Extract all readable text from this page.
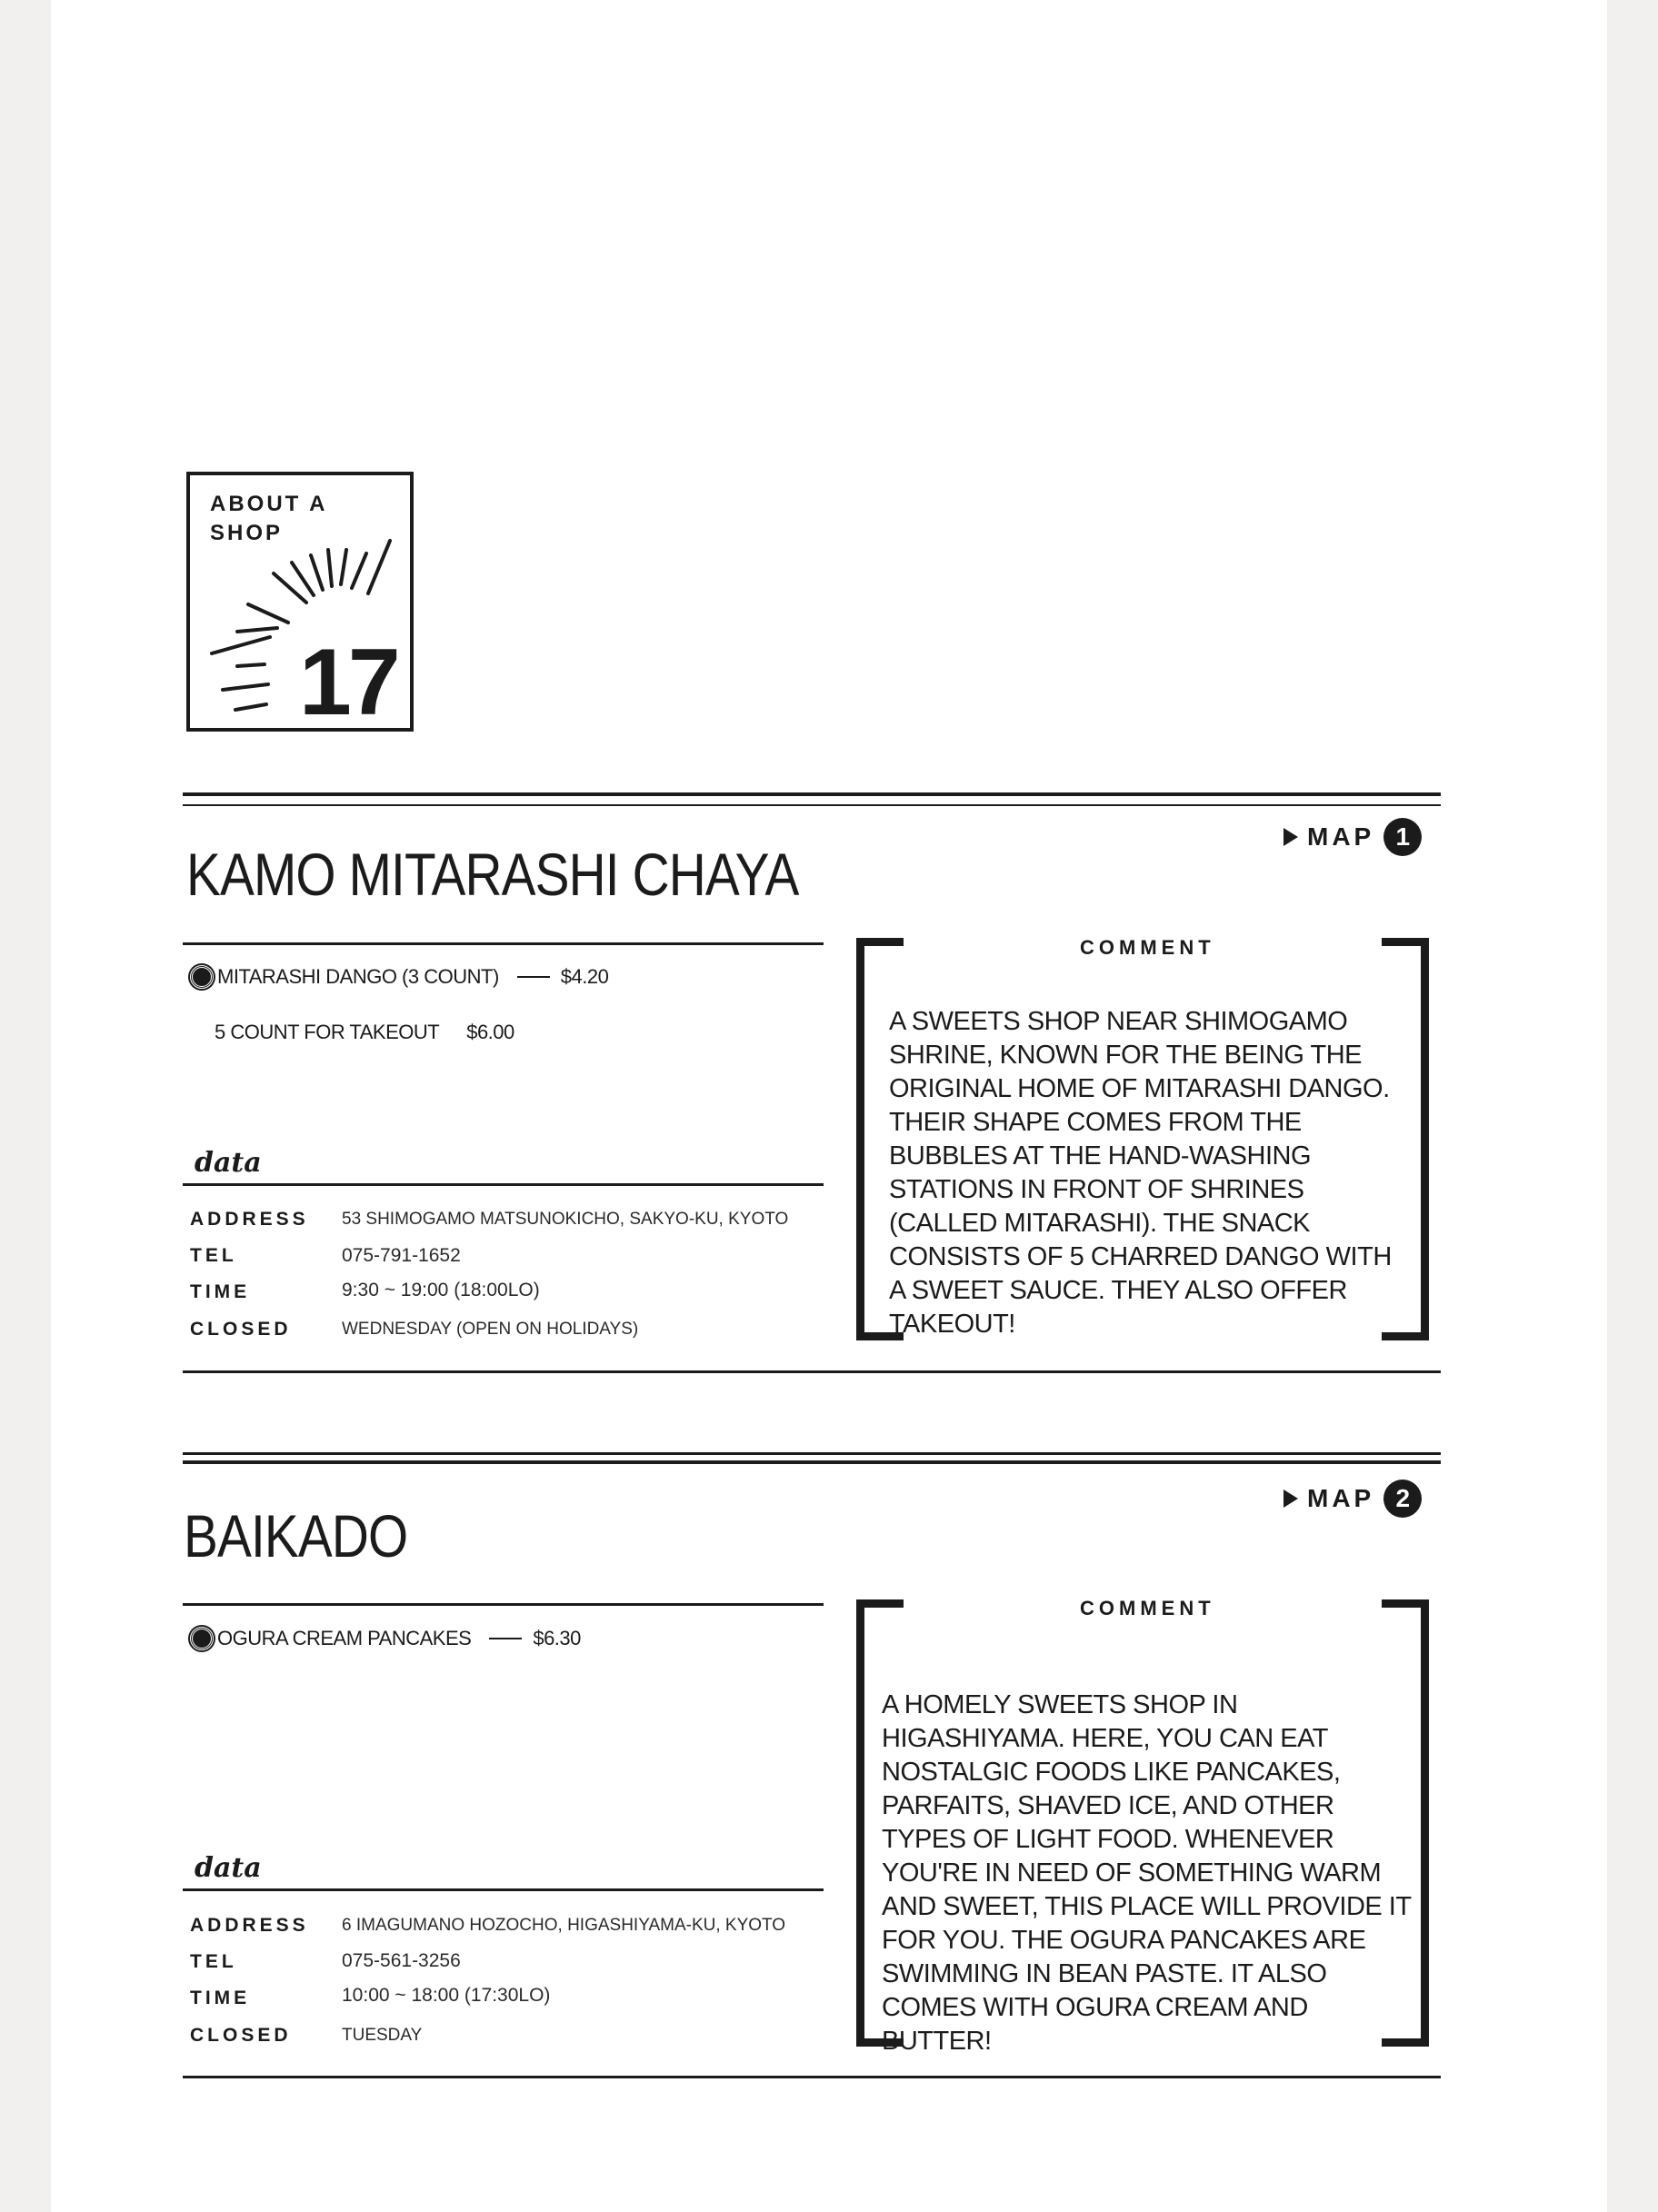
ABOUT A SHOP
17
KAMO MITARASHI CHAYA
MAP 1
MITARASHI DANGO (3 COUNT)	$4.20
5 COUNT FOR TAKEOUT $6.00
data
ADDRESS 53 SHIMOGAMO MATSUNOKICHO, SAKYO-KU, KYOTO
TEL	075-791-1652
TIME	9:30 ~ 19:00 (18:00LO)
CLOSED	WEDNESDAY (OPEN ON HOLIDAYS)
COMMENT
A SWEETS SHOP NEAR SHIMOGAMO SHRINE, KNOWN FOR THE BEING THE ORIGINAL HOME OF MITARASHI DANGO. THEIR SHAPE COMES FROM THE BUBBLES AT THE HAND-WASHING STATIONS IN FRONT OF SHRINES (CALLED MITARASHI). THE SNACK CONSISTS OF 5 CHARRED DANGO WITH A SWEET SAUCE. THEY ALSO OFFER TAKEOUT!
BAIKADO
MAP 2
OGURA CREAM PANCAKES	$6.30
data
ADDRESS 6 IMAGUMANO HOZOCHO, HIGASHIYAMA-KU, KYOTO
TEL	075-561-3256
TIME	10:00 ~ 18:00 (17:30LO)
CLOSED	TUESDAY
COMMENT
A HOMELY SWEETS SHOP IN HIGASHIYAMA. HERE, YOU CAN EAT NOSTALGIC FOODS LIKE PANCAKES, PARFAITS, SHAVED ICE, AND OTHER TYPES OF LIGHT FOOD. WHENEVER YOU'RE IN NEED OF SOMETHING WARM AND SWEET, THIS PLACE WILL PROVIDE IT FOR YOU. THE OGURA PANCAKES ARE SWIMMING IN BEAN PASTE. IT ALSO COMES WITH OGURA CREAM AND BUTTER!
